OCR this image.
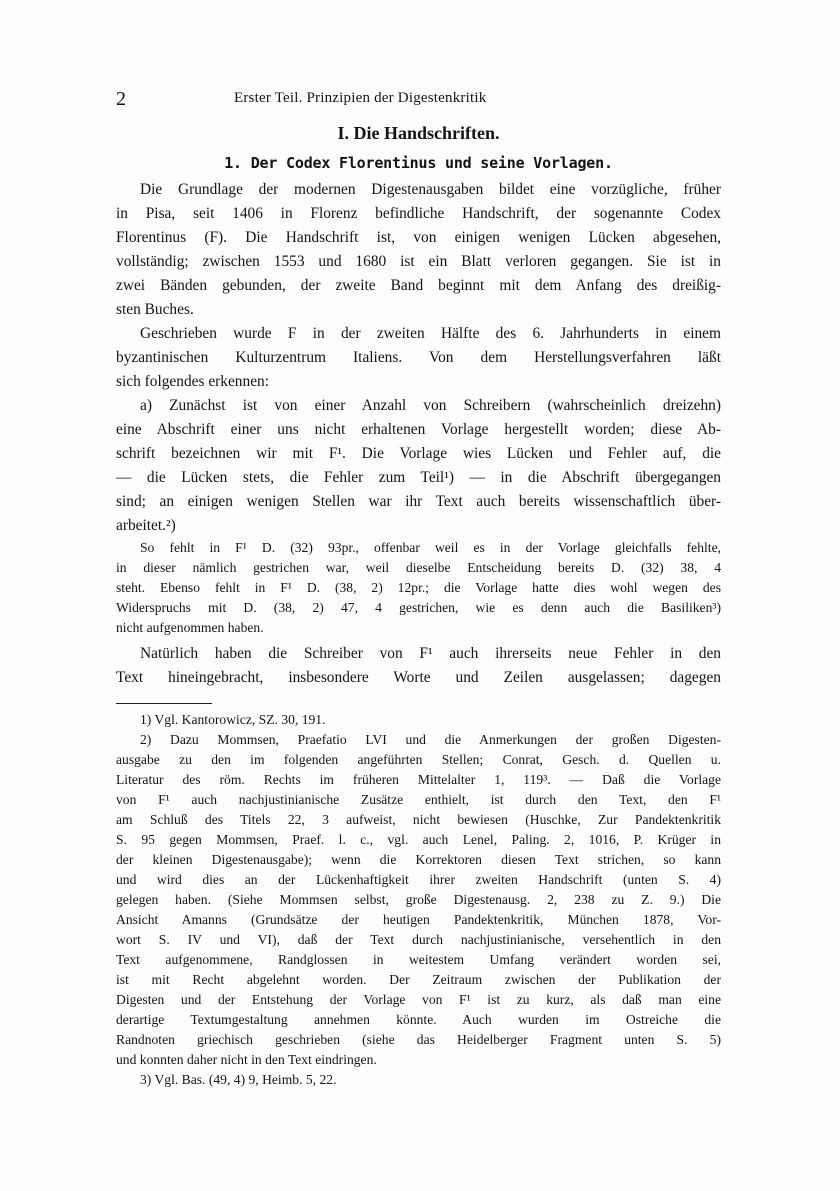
2	Erster Teil. Prinzipien der Digestenkritik
I. Die Handschriften.
1. Der Codex Florentinus und seine Vorlagen.
Die Grundlage der modernen Digestenausgaben bildet eine vorzügliche, früher
in Pisa, seit 1406 in Florenz befindliche Handschrift, der sogenannte Codex
Florentinus (F). Die Handschrift ist, von einigen wenigen Lücken abgesehen,
vollständig; zwischen 1553 und 1680 ist ein Blatt verloren gegangen. Sie ist in
zwei Bänden gebunden, der zweite Band beginnt mit dem Anfang des dreißig-
sten Buches.
Geschrieben wurde F in der zweiten Hälfte des 6. Jahrhunderts in einem
byzantinischen Kulturzentrum Italiens. Von dem Herstellungsverfahren läßt
sich folgendes erkennen:
a) Zunächst ist von einer Anzahl von Schreibern (wahrscheinlich dreizehn)
eine Abschrift einer uns nicht erhaltenen Vorlage hergestellt worden; diese Ab-
schrift bezeichnen wir mit F¹. Die Vorlage wies Lücken und Fehler auf, die
— die Lücken stets, die Fehler zum Teil¹) — in die Abschrift übergegangen
sind; an einigen wenigen Stellen war ihr Text auch bereits wissenschaftlich über-
arbeitet.²)
So fehlt in F¹ D. (32) 93pr., offenbar weil es in der Vorlage gleichfalls fehlte,
in dieser nämlich gestrichen war, weil dieselbe Entscheidung bereits D. (32) 38, 4
steht. Ebenso fehlt in F¹ D. (38, 2) 12pr.; die Vorlage hatte dies wohl wegen des
Widerspruchs mit D. (38, 2) 47, 4 gestrichen, wie es denn auch die Basiliken³)
nicht aufgenommen haben.
Natürlich haben die Schreiber von F¹ auch ihrerseits neue Fehler in den
Text hineingebracht, insbesondere Worte und Zeilen ausgelassen; dagegen
1) Vgl. Kantorowicz, SZ. 30, 191.
2) Dazu Mommsen, Praefatio LVI und die Anmerkungen der großen Digesten-
ausgabe zu den im folgenden angeführten Stellen; Conrat, Gesch. d. Quellen u.
Literatur des röm. Rechts im früheren Mittelalter 1, 119³. — Daß die Vorlage
von F¹ auch nachjustinianische Zusätze enthielt, ist durch den Text, den F¹
am Schluß des Titels 22, 3 aufweist, nicht bewiesen (Huschke, Zur Pandektenkritik
S. 95 gegen Mommsen, Praef. l. c., vgl. auch Lenel, Paling. 2, 1016, P. Krüger in
der kleinen Digestenausgabe); wenn die Korrektoren diesen Text strichen, so kann
und wird dies an der Lückenhaftigkeit ihrer zweiten Handschrift (unten S. 4)
gelegen haben. (Siehe Mommsen selbst, große Digestenausg. 2, 238 zu Z. 9.) Die
Ansicht Amanns (Grundsätze der heutigen Pandektenkritik, München 1878, Vor-
wort S. IV und VI), daß der Text durch nachjustinianische, versehentlich in den
Text aufgenommene, Randglossen in weitestem Umfang verändert worden sei,
ist mit Recht abgelehnt worden. Der Zeitraum zwischen der Publikation der
Digesten und der Entstehung der Vorlage von F¹ ist zu kurz, als daß man eine
derartige Textumgestaltung annehmen könnte. Auch wurden im Ostreiche die
Randnoten griechisch geschrieben (siehe das Heidelberger Fragment unten S. 5)
und konnten daher nicht in den Text eindringen.
3) Vgl. Bas. (49, 4) 9, Heimb. 5, 22.
